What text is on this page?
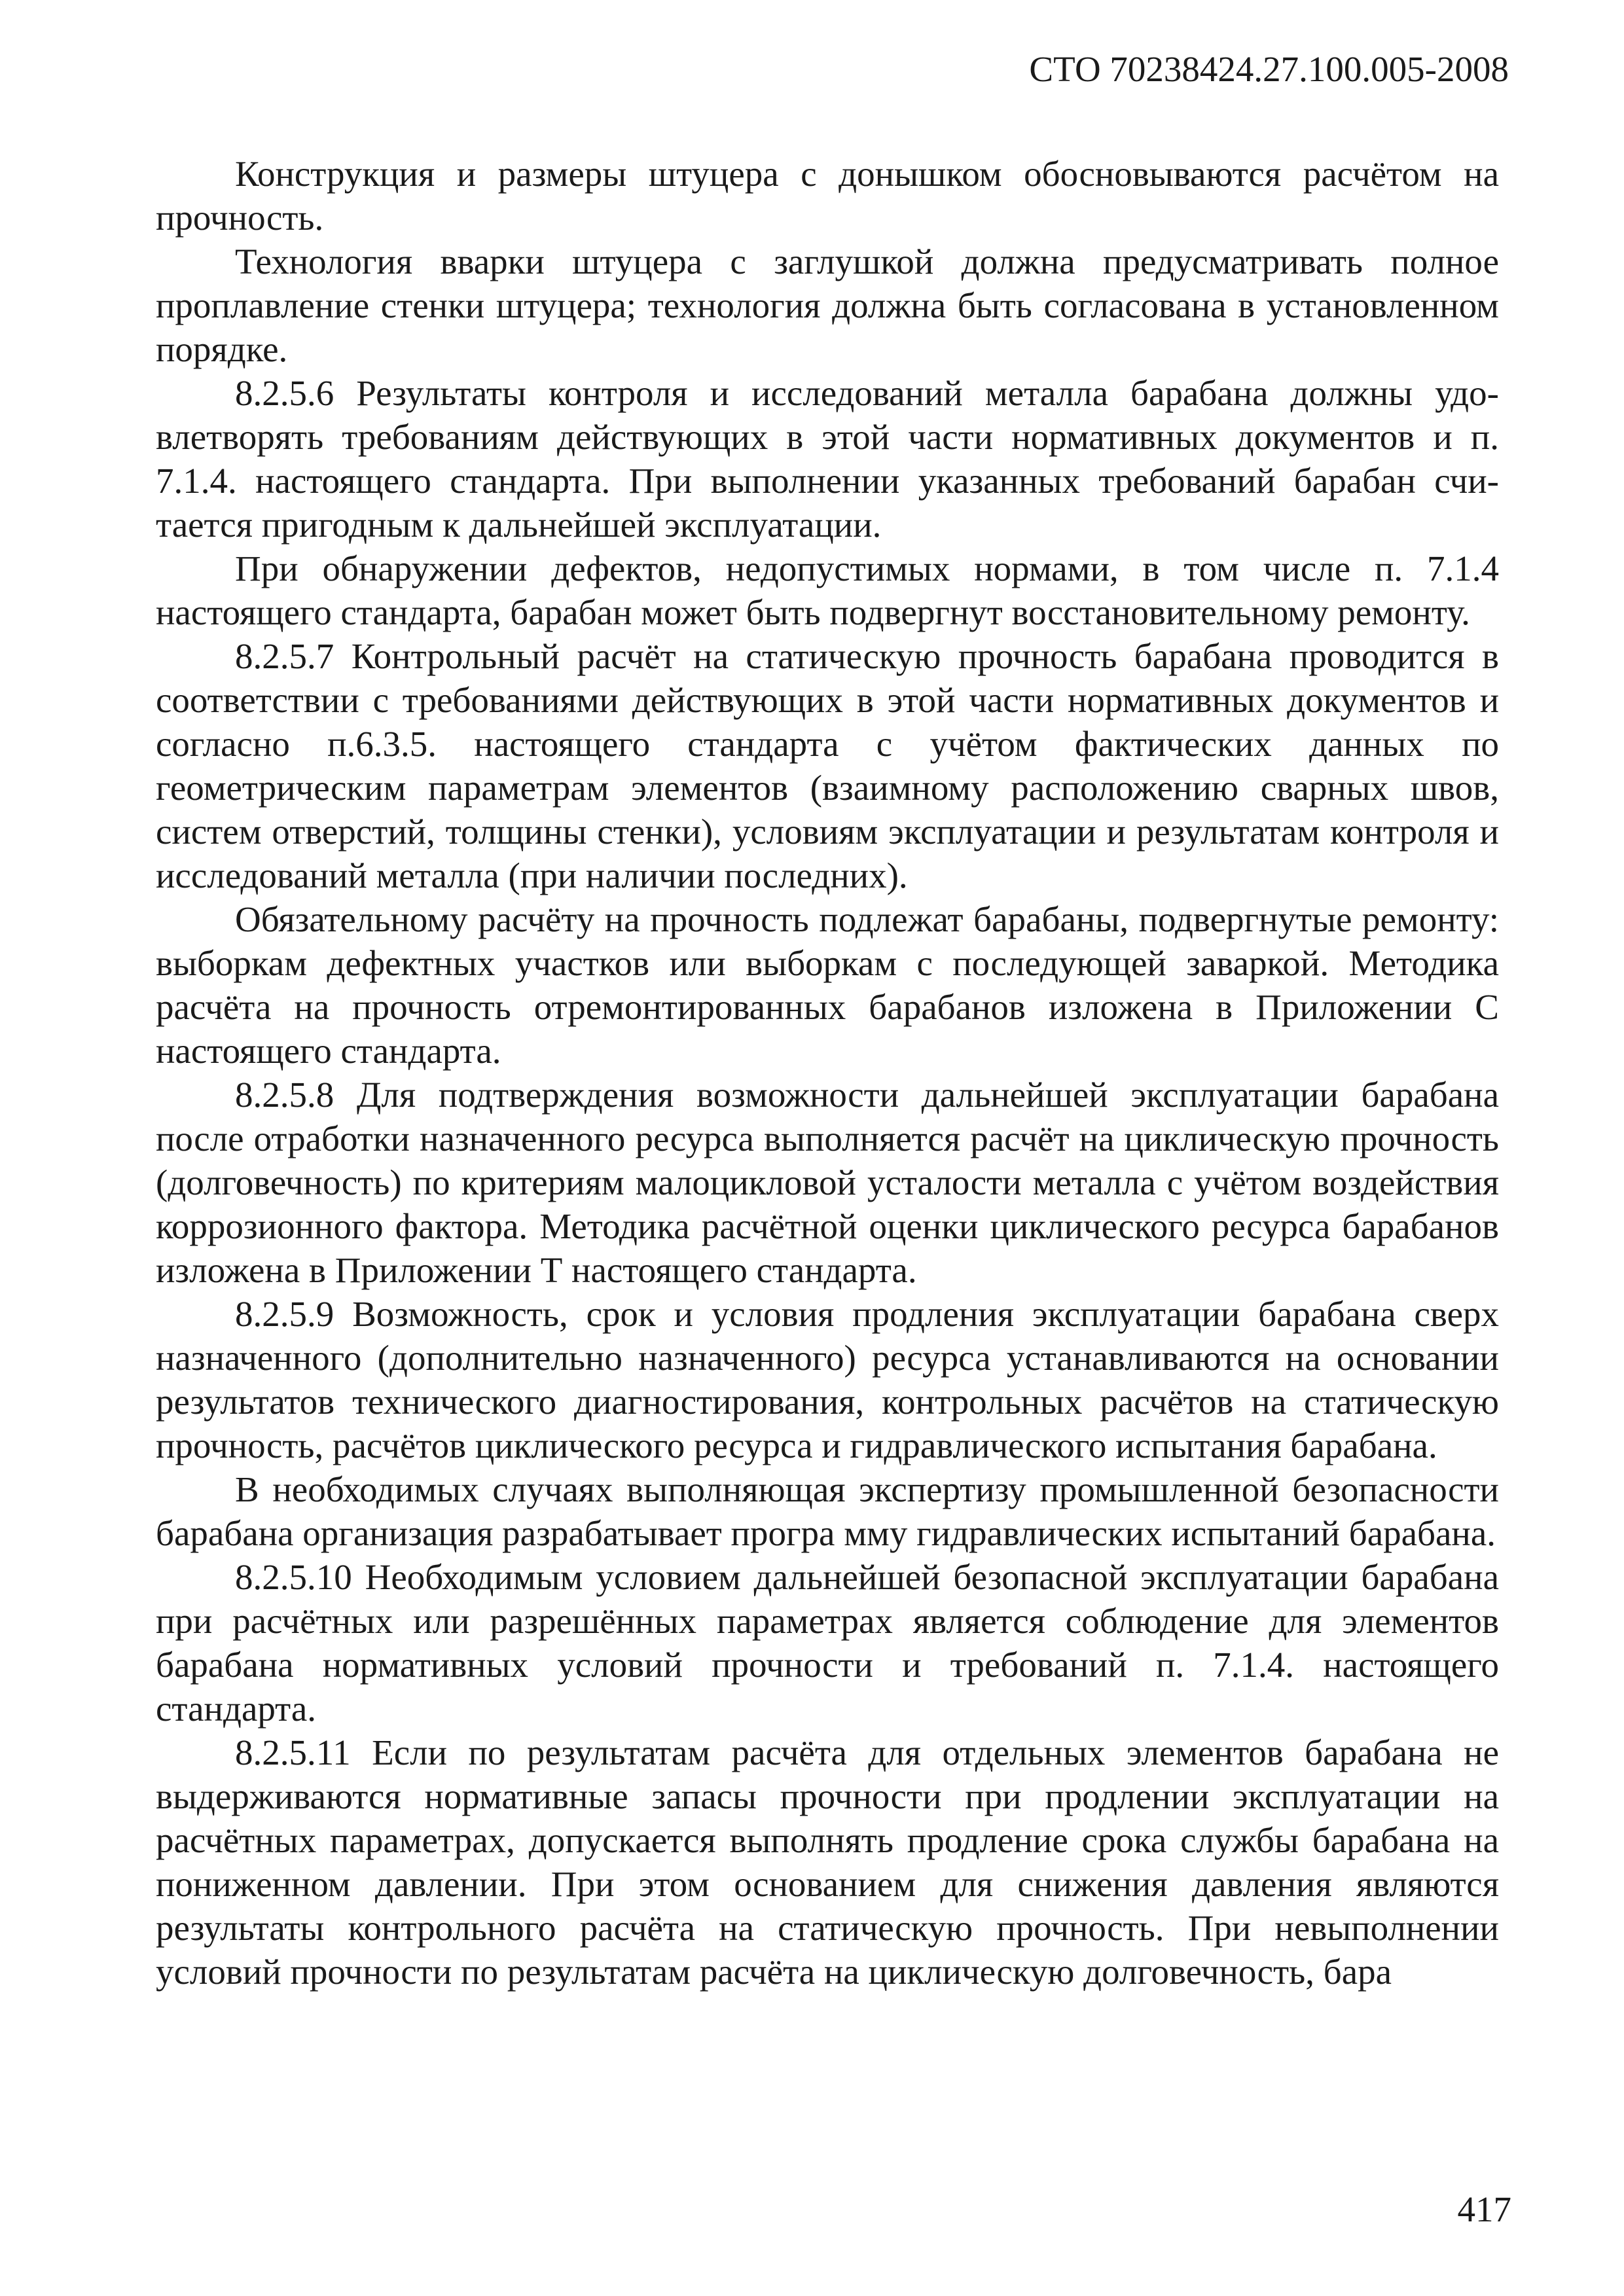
СТО 70238424.27.100.005-2008

Конструкция и размеры штуцера с донышком обосновываются расчётом на прочность.

Технология вварки штуцера с заглушкой должна предусматривать полное проплавление стенки штуцера; технология должна быть согласована в установленном порядке.

8.2.5.6 Результаты контроля и исследований металла барабана должны удовлетворять требованиям действующих в этой части нормативных документов и п. 7.1.4. настоящего стандарта. При выполнении указанных требований барабан считается пригодным к дальнейшей эксплуатации.

При обнаружении дефектов, недопустимых нормами, в том числе п. 7.1.4 настоящего стандарта, барабан может быть подвергнут восстановительному ремонту.

8.2.5.7 Контрольный расчёт на статическую прочность барабана проводится в соответствии с требованиями действующих в этой части нормативных документов и согласно п.6.3.5. настоящего стандарта с учётом фактических данных по геометрическим параметрам элементов (взаимному расположению сварных швов, систем отверстий, толщины стенки), условиям эксплуатации и результатам контроля и исследований металла (при наличии последних).

Обязательному расчёту на прочность подлежат барабаны, подвергнутые ремонту: выборкам дефектных участков или выборкам с последующей заваркой. Методика расчёта на прочность отремонтированных барабанов изложена в Приложении С настоящего стандарта.

8.2.5.8 Для подтверждения возможности дальнейшей эксплуатации барабана после отработки назначенного ресурса выполняется расчёт на циклическую прочность (долговечность) по критериям малоцикловой усталости металла с учётом воздействия коррозионного фактора. Методика расчётной оценки циклического ресурса барабанов изложена в Приложении Т настоящего стандарта.

8.2.5.9 Возможность, срок и условия продления эксплуатации барабана сверх назначенного (дополнительно назначенного) ресурса устанавливаются на основании результатов технического диагностирования, контрольных расчётов на статическую прочность, расчётов циклического ресурса и гидравлического испытания барабана.

В необходимых случаях выполняющая экспертизу промышленной безопасности барабана организация разрабатывает програ мму гидравлических испытаний барабана.

8.2.5.10 Необходимым условием дальнейшей безопасной эксплуатации барабана при расчётных или разрешённых параметрах является соблюдение для элементов барабана нормативных условий прочности и требований п. 7.1.4. настоящего стандарта.

8.2.5.11 Если по результатам расчёта для отдельных элементов барабана не выдерживаются нормативные запасы прочности при продлении эксплуатации на расчётных параметрах, допускается выполнять продление срока службы барабана на пониженном давлении. При этом основанием для снижения давления являются результаты контрольного расчёта на статическую прочность. При невыполнении условий прочности по результатам расчёта на циклическую долговечность, бара

417
